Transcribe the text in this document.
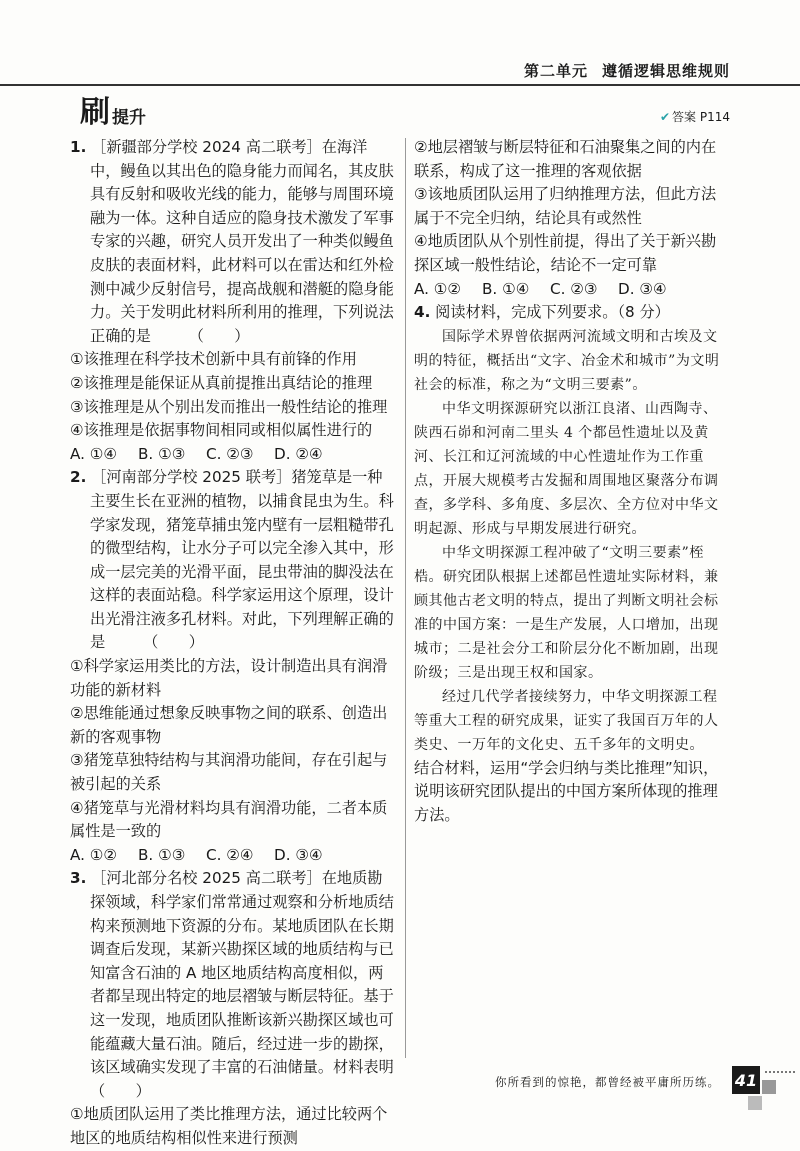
第二单元 遵循逻辑思维规则
刷 提升	✔ 答案 P114

1. ［新疆部分学校 2024 高二联考］在海洋中，鳗鱼以其出色的隐身能力而闻名，其皮肤具有反射和吸收光线的能力，能够与周围环境融为一体。这种自适应的隐身技术激发了军事专家的兴趣，研究人员开发出了一种类似鳗鱼皮肤的表面材料，此材料可以在雷达和红外检测中减少反射信号，提高战舰和潜艇的隐身能力。关于发明此材料所利用的推理，下列说法正确的是　　　（　　）

①该推理在科学技术创新中具有前锋的作用

②该推理是能保证从真前提推出真结论的推理

③该推理是从个别出发而推出一般性结论的推理

④该推理是依据事物间相同或相似属性进行的

A. ①④	B. ①③	C. ②③	D. ②④

2. ［河南部分学校 2025 联考］猪笼草是一种主要生长在亚洲的植物，以捕食昆虫为生。科学家发现，猪笼草捕虫笼内壁有一层粗糙带孔的微型结构，让水分子可以完全渗入其中，形成一层完美的光滑平面，昆虫带油的脚没法在这样的表面站稳。科学家运用这个原理，设计出光滑注液多孔材料。对此，下列理解正确的是　　　（　　）

①科学家运用类比的方法，设计制造出具有润滑功能的新材料

②思维能通过想象反映事物之间的联系、创造出新的客观事物

③猪笼草独特结构与其润滑功能间，存在引起与被引起的关系

④猪笼草与光滑材料均具有润滑功能，二者本质属性是一致的

A. ①②	B. ①③	C. ②④	D. ③④

3. ［河北部分名校 2025 高二联考］在地质勘探领域，科学家们常常通过观察和分析地质结构来预测地下资源的分布。某地质团队在长期调查后发现，某新兴勘探区域的地质结构与已知富含石油的 A 地区地质结构高度相似，两者都呈现出特定的地层褶皱与断层特征。基于这一发现，地质团队推断该新兴勘探区域也可能蕴藏大量石油。随后，经过进一步的勘探，该区域确实发现了丰富的石油储量。材料表明　（　　）

①地质团队运用了类比推理方法，通过比较两个地区的地质结构相似性来进行预测

②地层褶皱与断层特征和石油聚集之间的内在联系，构成了这一推理的客观依据

③该地质团队运用了归纳推理方法，但此方法属于不完全归纳，结论具有或然性

④地质团队从个别性前提，得出了关于新兴勘探区域一般性结论，结论不一定可靠

A. ①②	B. ①④	C. ②③	D. ③④

4. 阅读材料，完成下列要求。（8 分）

国际学术界曾依据两河流域文明和古埃及文明的特征，概括出“文字、冶金术和城市”为文明社会的标准，称之为“文明三要素”。

中华文明探源研究以浙江良渚、山西陶寺、陕西石峁和河南二里头 4 个都邑性遗址以及黄河、长江和辽河流域的中心性遗址作为工作重点，开展大规模考古发掘和周围地区聚落分布调查，多学科、多角度、多层次、全方位对中华文明起源、形成与早期发展进行研究。

中华文明探源工程冲破了“文明三要素”桎梏。研究团队根据上述都邑性遗址实际材料，兼顾其他古老文明的特点，提出了判断文明社会标准的中国方案：一是生产发展，人口增加，出现城市；二是社会分工和阶层分化不断加剧，出现阶级；三是出现王权和国家。

经过几代学者接续努力，中华文明探源工程等重大工程的研究成果，证实了我国百万年的人类史、一万年的文化史、五千多年的文明史。

结合材料，运用“学会归纳与类比推理”知识，说明该研究团队提出的中国方案所体现的推理方法。

你所看到的惊艳，都曾经被平庸所历练。 41
